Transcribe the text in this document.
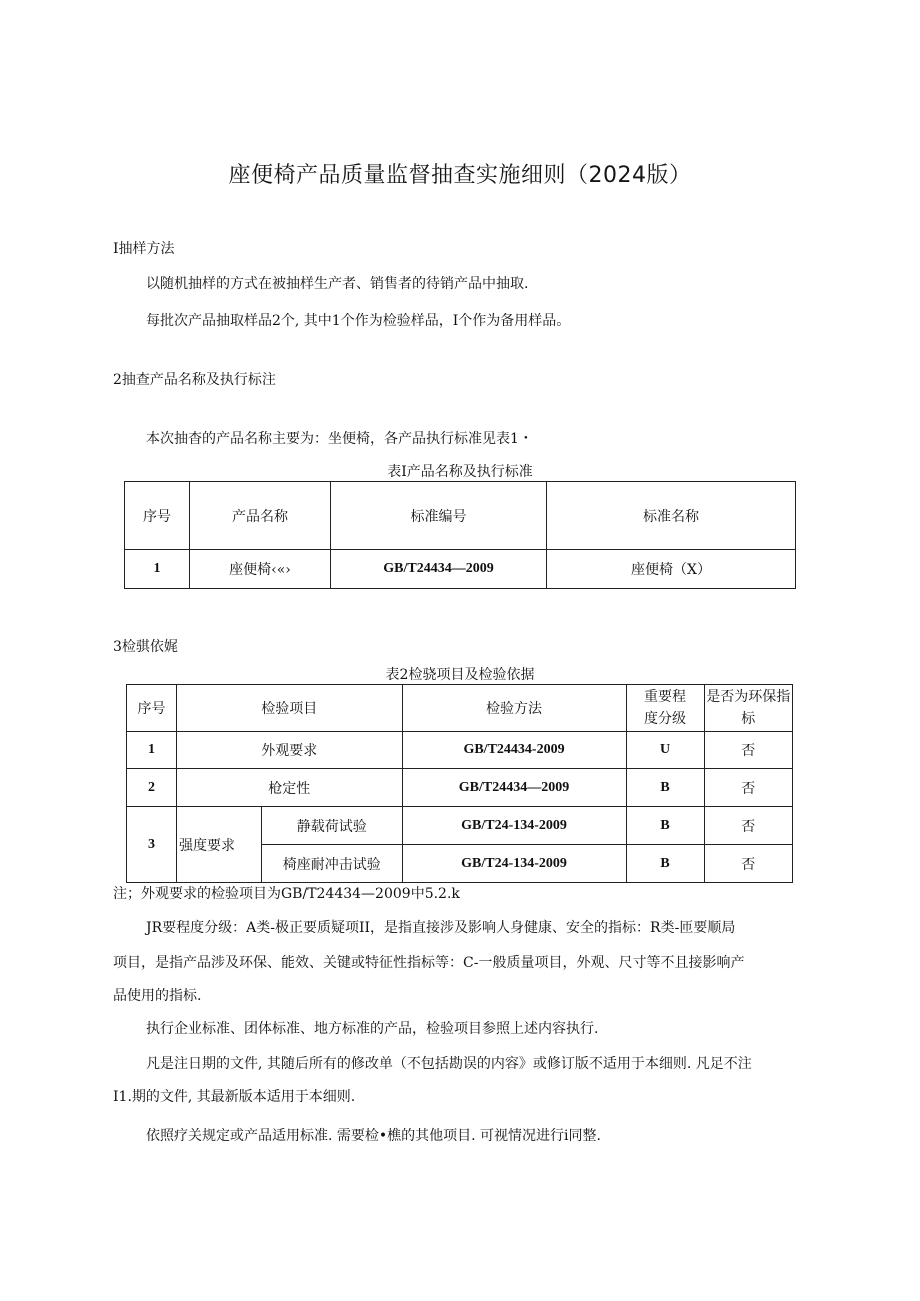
座便椅产品质量监督抽查实施细则（2024版）
I抽样方法
以随机抽样的方式在被抽样生产者、销售者的待销产品中抽取.
每批次产品抽取样品2个, 其中1个作为检验样品，I个作为备用样品。
2抽查产品名称及执行标注
本次抽杳的产品名称主要为：坐便椅，各产品执行标准见表1・
表I产品名称及执行标准
序号	产品名称	标准编号	标准名称
1	座便椅‹«›	GB/T24434—2009	座便椅（X）
3检骐依娓
表2检骁项目及检验依据
序号	检验项目		检验方法	重要程度分级	是否为环保指标

1	外观要求		GB/T24434-2009	U	否
2	枪定性		GB/T24434—2009	B	否
3	强度要求	静载荷试验	GB/T24-134-2009	B	否
		椅座耐冲击试验	GB/T24-134-2009	B	否
注；外观要求的检验项目为GB/T24434—2009中5.2.k
JR要程度分级：A类-极正要质疑项II，是指直接涉及影响人身健康、安全的指标：R类-匝要顺局
项目，是指产品涉及环保、能效、关键或特征性指标等：C-一般质量项目，外观、尺寸等不且接影响产
品使用的指标.
执行企业标准、团体标准、地方标准的产品，检验项目参照上述内容执行.
凡是注日期的文件, 其随后所有的修改单（不包括勘误的内容》或修订版不适用于本细则. 凡足不注
I1.期的文件, 其最新版本适用于本细则.
依照疗关规定或产品适用标准. 需要检•樵的其他项目. 可视情况进行i同整.
